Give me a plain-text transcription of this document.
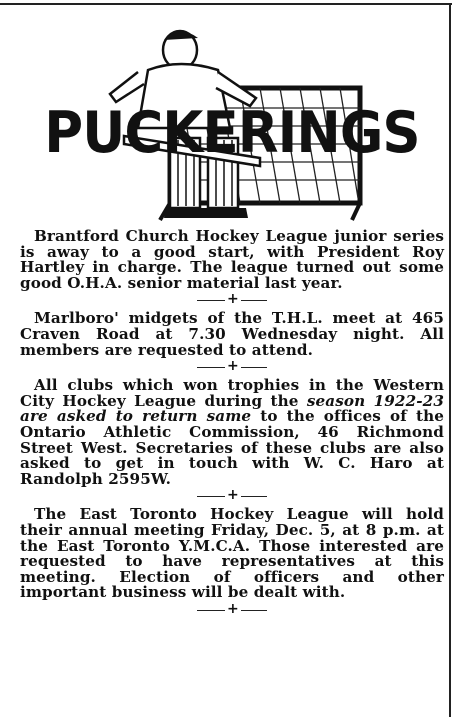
PUCKERINGS

Brantford Church Hockey League junior series is away to a good start, with President Roy Hartley in charge. The league turned out some good O.H.A. senior material last year.

+

Marlboro' midgets of the T.H.L. meet at 465 Craven Road at 7.30 Wednesday night. All members are requested to attend.

+

All clubs which won trophies in the Western City Hockey League during the season 1922-23 are asked to return same to the offices of the Ontario Athletic Commission, 46 Richmond Street West. Secretaries of these clubs are also asked to get in touch with W. C. Haro at Randolph 2595W.

+

The East Toronto Hockey League will hold their annual meeting Friday, Dec. 5, at 8 p.m. at the East Toronto Y.M.C.A. Those interested are requested to have representatives at this meeting. Election of officers and other important business will be dealt with.

+
